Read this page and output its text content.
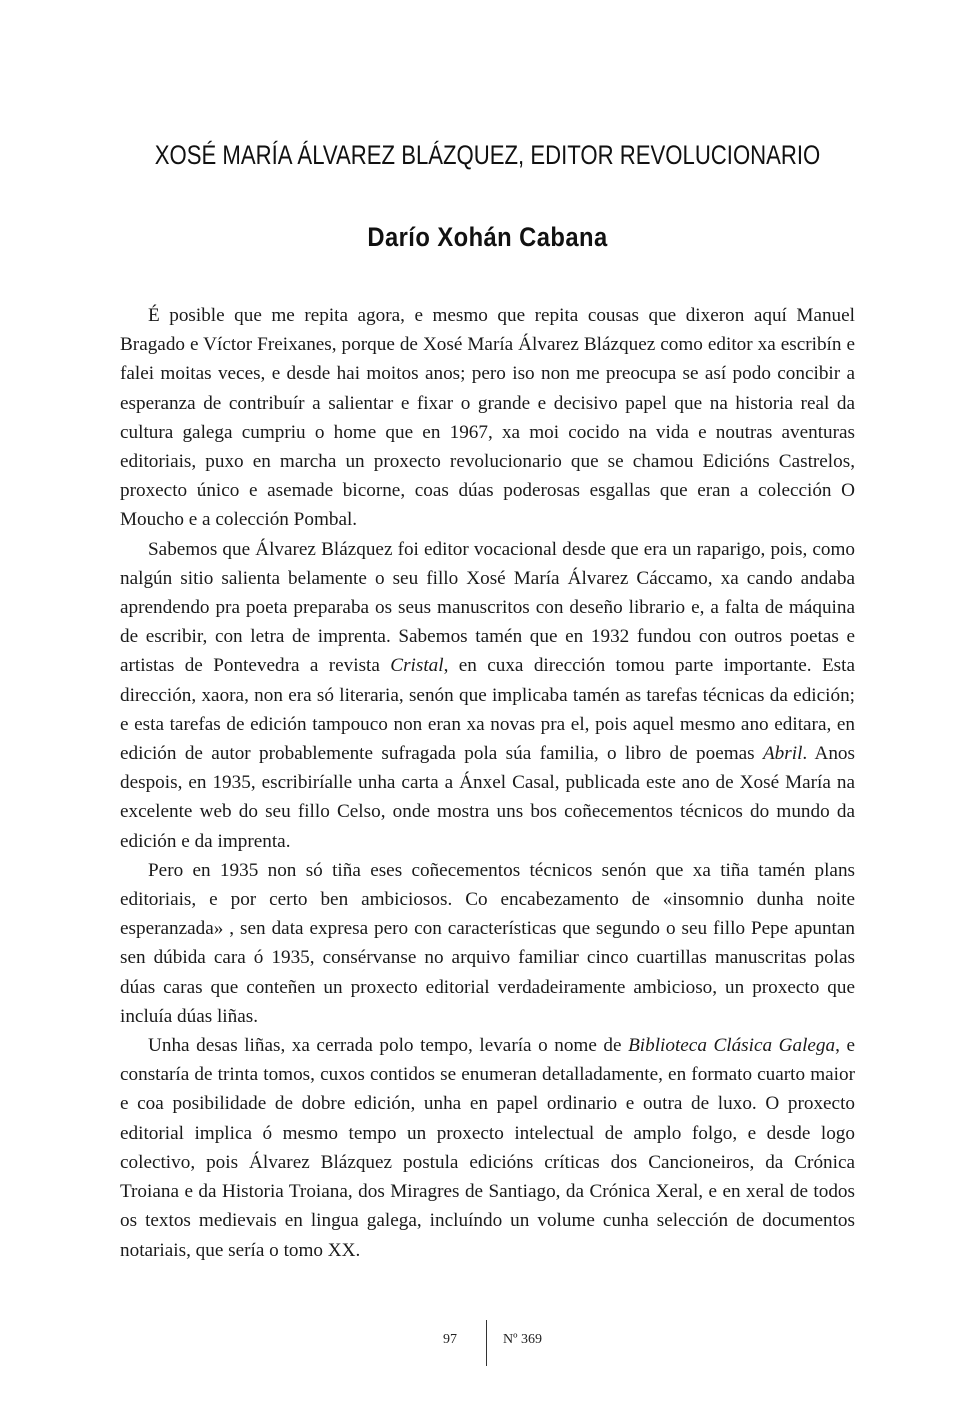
XOSÉ MARÍA ÁLVAREZ BLÁZQUEZ, EDITOR REVOLUCIONARIO
Darío Xohán Cabana

É posible que me repita agora, e mesmo que repita cousas que dixeron aquí Manuel Bragado e Víctor Freixanes, porque de Xosé María Álvarez Blázquez como editor xa escribín e falei moitas veces, e desde hai moitos anos; pero iso non me preocupa se así podo concibir a esperanza de contribuír a salientar e fixar o grande e decisivo papel que na historia real da cultura galega cumpriu o home que en 1967, xa moi cocido na vida e noutras aventuras editoriais, puxo en marcha un proxecto revolucionario que se chamou Edicións Castrelos, proxecto único e asemade bicorne, coas dúas poderosas esgallas que eran a colección O Moucho e a colección Pombal.

Sabemos que Álvarez Blázquez foi editor vocacional desde que era un raparigo, pois, como nalgún sitio salienta belamente o seu fillo Xosé María Álvarez Cáccamo, xa cando andaba aprendendo pra poeta preparaba os seus manuscritos con deseño librario e, a falta de máquina de escribir, con letra de imprenta. Sabemos tamén que en 1932 fundou con outros poetas e artistas de Pontevedra a revista Cristal, en cuxa dirección tomou parte importante. Esta dirección, xaora, non era só literaria, senón que implicaba tamén as tarefas técnicas da edición; e esta tarefas de edición tampouco non eran xa novas pra el, pois aquel mesmo ano editara, en edición de autor probablemente sufragada pola súa familia, o libro de poemas Abril. Anos despois, en 1935, escribiríalle unha carta a Ánxel Casal, publicada este ano de Xosé María na excelente web do seu fillo Celso, onde mostra uns bos coñecementos técnicos do mundo da edición e da imprenta.

Pero en 1935 non só tiña eses coñecementos técnicos senón que xa tiña tamén plans editoriais, e por certo ben ambiciosos. Co encabezamento de «insomnio dunha noite esperanzada» , sen data expresa pero con características que segundo o seu fillo Pepe apuntan sen dúbida cara ó 1935, consérvanse no arquivo familiar cinco cuartillas manuscritas polas dúas caras que conteñen un proxecto editorial verdadeiramente ambicioso, un proxecto que incluía dúas liñas.

Unha desas liñas, xa cerrada polo tempo, levaría o nome de Biblioteca Clásica Galega, e constaría de trinta tomos, cuxos contidos se enumeran detalladamente, en formato cuarto maior e coa posibilidade de dobre edición, unha en papel ordinario e outra de luxo. O proxecto editorial implica ó mesmo tempo un proxecto intelectual de amplo folgo, e desde logo colectivo, pois Álvarez Blázquez postula edicións críticas dos Cancioneiros, da Crónica Troiana e da Historia Troiana, dos Miragres de Santiago, da Crónica Xeral, e en xeral de todos os textos medievais en lingua galega, incluíndo un volume cunha selección de documentos notariais, que sería o tomo XX.

97	Nº 369
